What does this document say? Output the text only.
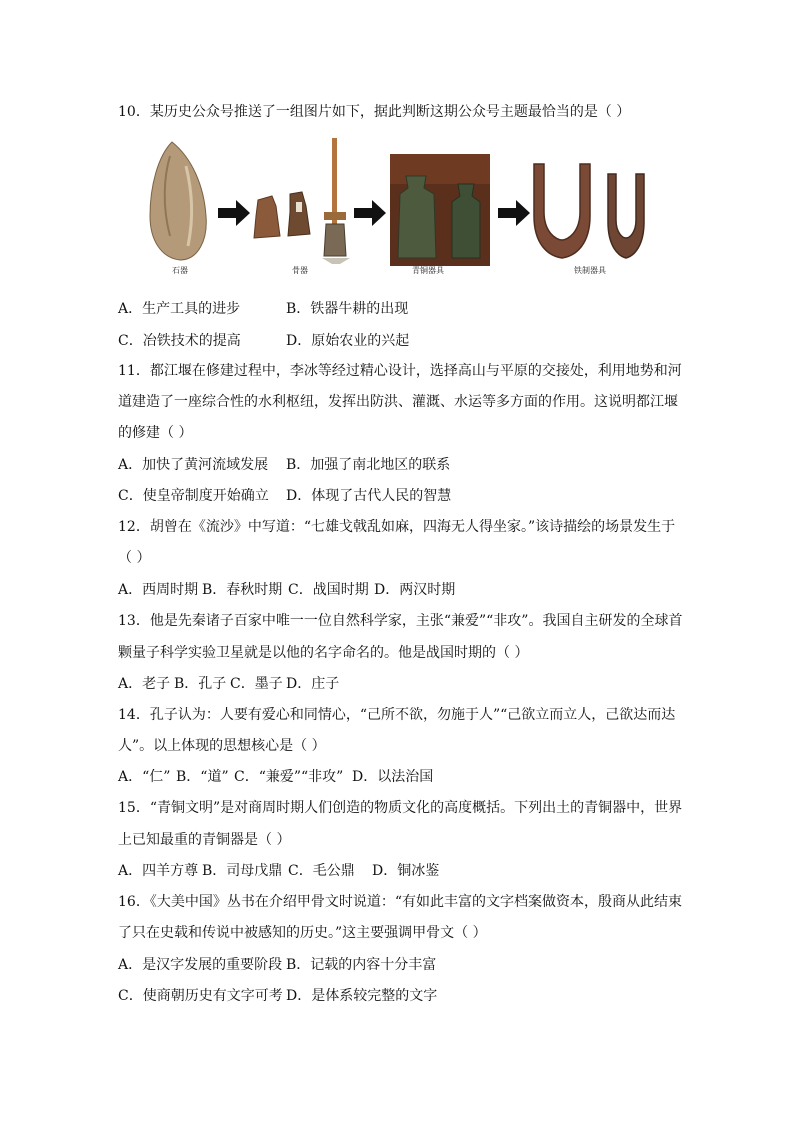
10．某历史公众号推送了一组图片如下，据此判断这期公众号主题最恰当的是（ ）
石器	骨器	青铜器具	铁制器具
A．生产工具的进步	B．铁器牛耕的出现
C．冶铁技术的提高	D．原始农业的兴起
11．都江堰在修建过程中，李冰等经过精心设计，选择高山与平原的交接处，利用地势和河
道建造了一座综合性的水利枢纽，发挥出防洪、灌溉、水运等多方面的作用。这说明都江堰
的修建（ ）
A．加快了黄河流域发展 B．加强了南北地区的联系
C．使皇帝制度开始确立 D．体现了古代人民的智慧
12．胡曾在《流沙》中写道：“七雄戈戟乱如麻，四海无人得坐家。”该诗描绘的场景发生于
（ ）
A．西周时期 B．春秋时期 C．战国时期 D．两汉时期
13．他是先秦诸子百家中唯一一位自然科学家，主张“兼爱”“非攻”。我国自主研发的全球首
颗量子科学实验卫星就是以他的名字命名的。他是战国时期的（ ）
A．老子 B．孔子 C．墨子 D．庄子
14．孔子认为：人要有爱心和同情心，“己所不欲，勿施于人”“己欲立而立人，己欲达而达
人”。以上体现的思想核心是（ ）
A．“仁” B．“道” C．“兼爱”“非攻” D．以法治国
15．“青铜文明”是对商周时期人们创造的物质文化的高度概括。下列出土的青铜器中，世界
上已知最重的青铜器是（ ）
A．四羊方尊 B．司母戊鼎 C．毛公鼎 D．铜冰鉴
16．《大美中国》丛书在介绍甲骨文时说道：“有如此丰富的文字档案做资本，殷商从此结束
了只在史载和传说中被感知的历史。”这主要强调甲骨文（ ）
A．是汉字发展的重要阶段 B．记载的内容十分丰富
C．使商朝历史有文字可考 D．是体系较完整的文字
